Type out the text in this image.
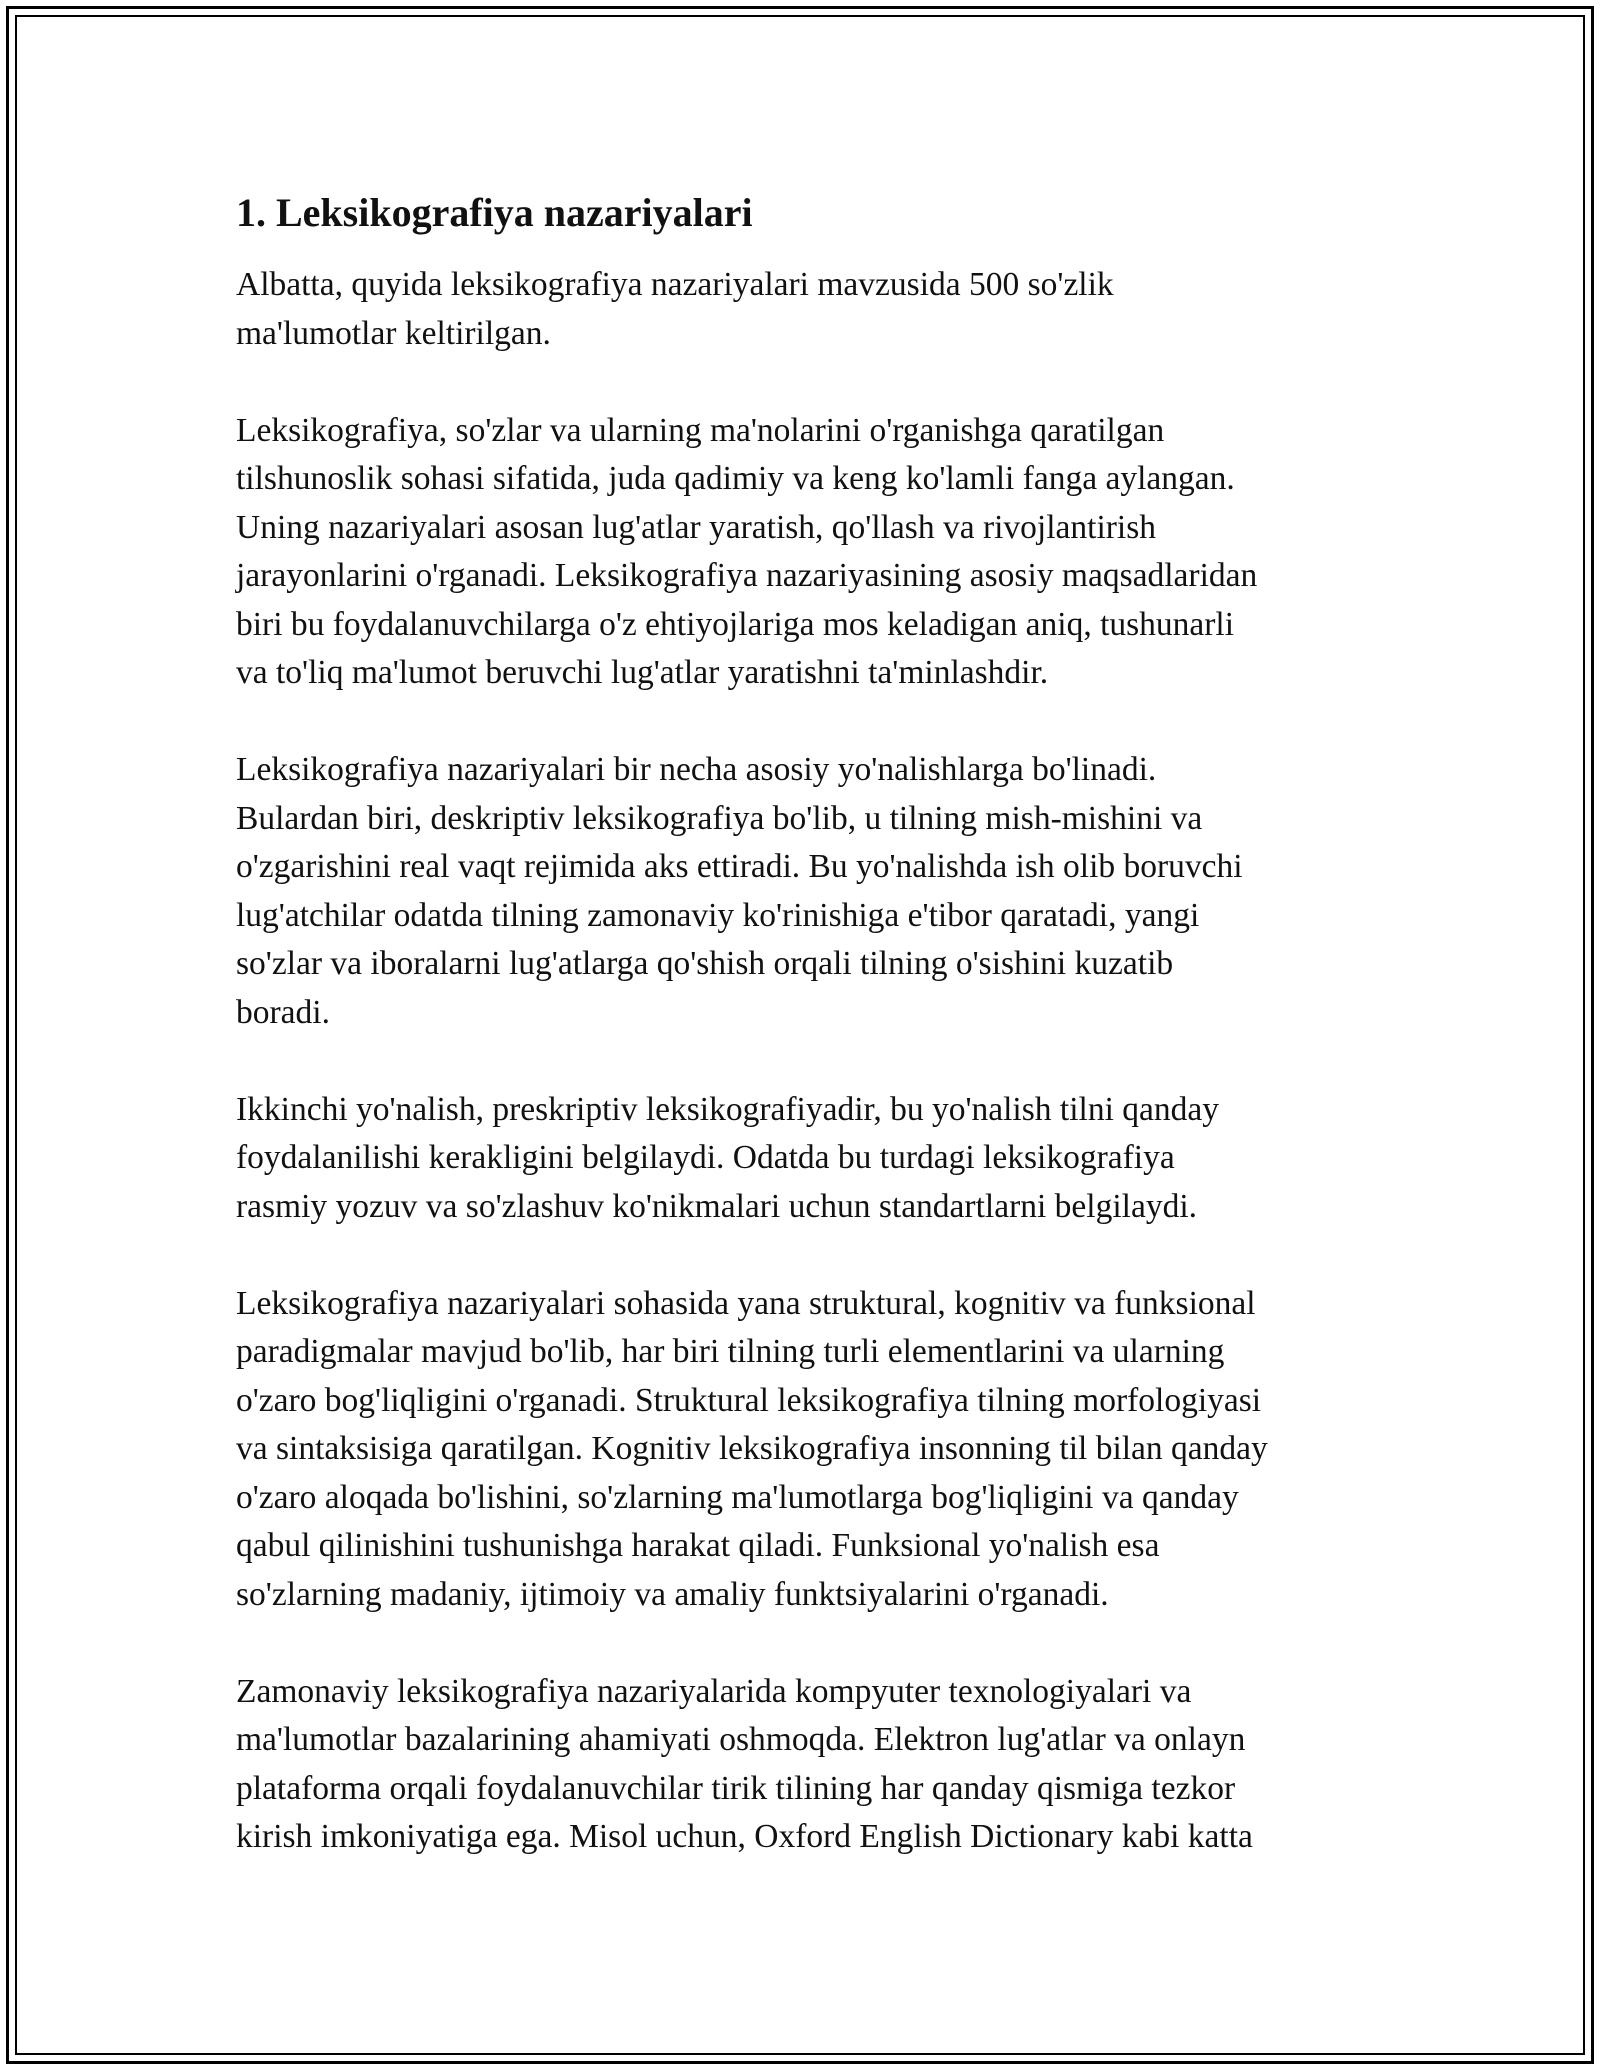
1. Leksikografiya nazariyalari

Albatta, quyida leksikografiya nazariyalari mavzusida 500 so'zlik
ma'lumotlar keltirilgan.

Leksikografiya, so'zlar va ularning ma'nolarini o'rganishga qaratilgan
tilshunoslik sohasi sifatida, juda qadimiy va keng ko'lamli fanga aylangan.
Uning nazariyalari asosan lug'atlar yaratish, qo'llash va rivojlantirish
jarayonlarini o'rganadi. Leksikografiya nazariyasining asosiy maqsadlaridan
biri bu foydalanuvchilarga o'z ehtiyojlariga mos keladigan aniq, tushunarli
va to'liq ma'lumot beruvchi lug'atlar yaratishni ta'minlashdir.

Leksikografiya nazariyalari bir necha asosiy yo'nalishlarga bo'linadi.
Bulardan biri, deskriptiv leksikografiya bo'lib, u tilning mish-mishini va
o'zgarishini real vaqt rejimida aks ettiradi. Bu yo'nalishda ish olib boruvchi
lug'atchilar odatda tilning zamonaviy ko'rinishiga e'tibor qaratadi, yangi
so'zlar va iboralarni lug'atlarga qo'shish orqali tilning o'sishini kuzatib
boradi.

Ikkinchi yo'nalish, preskriptiv leksikografiyadir, bu yo'nalish tilni qanday
foydalanilishi kerakligini belgilaydi. Odatda bu turdagi leksikografiya
rasmiy yozuv va so'zlashuv ko'nikmalari uchun standartlarni belgilaydi.

Leksikografiya nazariyalari sohasida yana struktural, kognitiv va funksional
paradigmalar mavjud bo'lib, har biri tilning turli elementlarini va ularning
o'zaro bog'liqligini o'rganadi. Struktural leksikografiya tilning morfologiyasi
va sintaksisiga qaratilgan. Kognitiv leksikografiya insonning til bilan qanday
o'zaro aloqada bo'lishini, so'zlarning ma'lumotlarga bog'liqligini va qanday
qabul qilinishini tushunishga harakat qiladi. Funksional yo'nalish esa
so'zlarning madaniy, ijtimoiy va amaliy funktsiyalarini o'rganadi.

Zamonaviy leksikografiya nazariyalarida kompyuter texnologiyalari va
ma'lumotlar bazalarining ahamiyati oshmoqda. Elektron lug'atlar va onlayn
plataforma orqali foydalanuvchilar tirik tilining har qanday qismiga tezkor
kirish imkoniyatiga ega. Misol uchun, Oxford English Dictionary kabi katta
